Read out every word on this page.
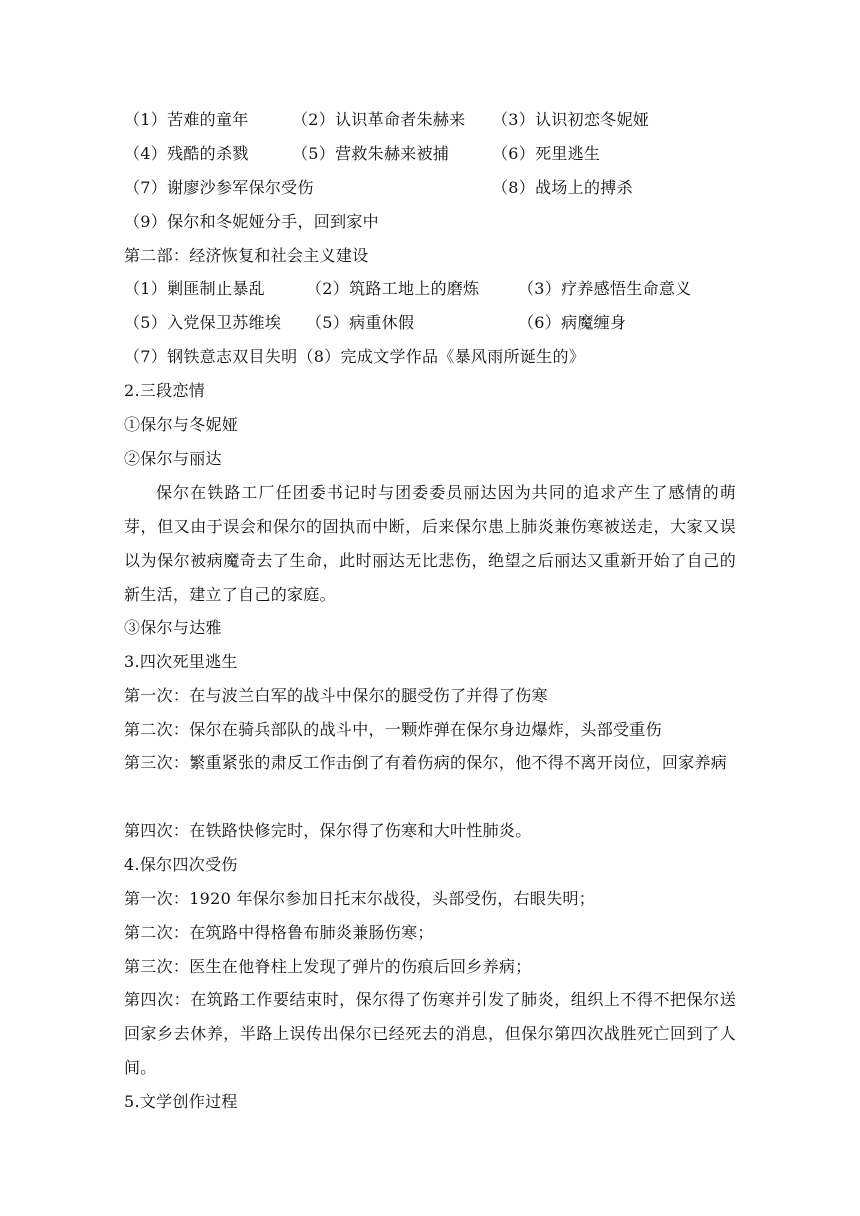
（1）苦难的童年	（2）认识革命者朱赫来 （3）认识初恋冬妮娅
（4）残酷的杀戮	（5）营救朱赫来被捕	（6）死里逃生
（7）谢廖沙参军保尔受伤	（8）战场上的搏杀
（9）保尔和冬妮娅分手，回到家中
第二部：经济恢复和社会主义建设
（1）剿匪制止暴乱	（2）筑路工地上的磨炼 （3）疗养感悟生命意义
（5）入党保卫苏维埃 （5）病重休假	（6）病魔缠身
（7）钢铁意志双目失明（8）完成文学作品《暴风雨所诞生的》
2.三段恋情
①保尔与冬妮娅
②保尔与丽达
保尔在铁路工厂任团委书记时与团委委员丽达因为共同的追求产生了感情的萌芽，但又由于误会和保尔的固执而中断，后来保尔患上肺炎兼伤寒被送走，大家又误以为保尔被病魔奇去了生命，此时丽达无比悲伤，绝望之后丽达又重新开始了自己的新生活，建立了自己的家庭。
③保尔与达雅
3.四次死里逃生
第一次：在与波兰白军的战斗中保尔的腿受伤了并得了伤寒
第二次：保尔在骑兵部队的战斗中，一颗炸弹在保尔身边爆炸，头部受重伤
第三次：繁重紧张的肃反工作击倒了有着伤病的保尔，他不得不离开岗位，回家养病
第四次：在铁路快修完时，保尔得了伤寒和大叶性肺炎。
4.保尔四次受伤
第一次：1920 年保尔参加日托末尔战役，头部受伤，右眼失明；
第二次：在筑路中得格鲁布肺炎兼肠伤寒；
第三次：医生在他脊柱上发现了弹片的伤痕后回乡养病；
第四次：在筑路工作要结束时，保尔得了伤寒并引发了肺炎，组织上不得不把保尔送回家乡去休养，半路上误传出保尔已经死去的消息，但保尔第四次战胜死亡回到了人间。
5.文学创作过程
